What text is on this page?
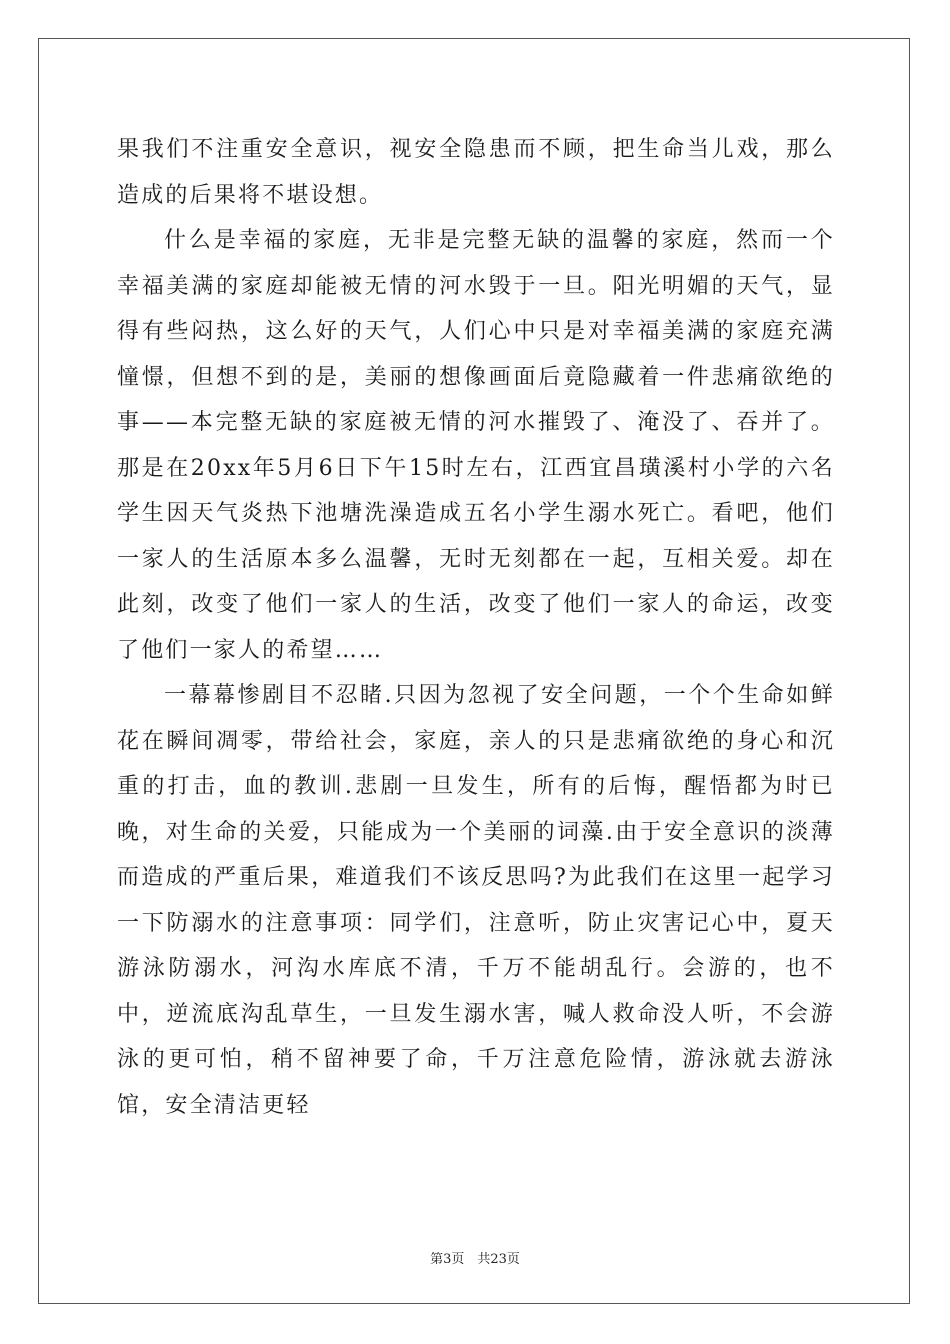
果我们不注重安全意识，视安全隐患而不顾，把生命当儿戏，那么造成的后果将不堪设想。

什么是幸福的家庭，无非是完整无缺的温馨的家庭，然而一个幸福美满的家庭却能被无情的河水毁于一旦。阳光明媚的天气，显得有些闷热，这么好的天气，人们心中只是对幸福美满的家庭充满憧憬，但想不到的是，美丽的想像画面后竟隐藏着一件悲痛欲绝的事——本完整无缺的家庭被无情的河水摧毁了、淹没了、吞并了。那是在20xx年5月6日下午15时左右，江西宜昌璜溪村小学的六名学生因天气炎热下池塘洗澡造成五名小学生溺水死亡。看吧，他们一家人的生活原本多么温馨，无时无刻都在一起，互相关爱。却在此刻，改变了他们一家人的生活，改变了他们一家人的命运，改变了他们一家人的希望……

一幕幕惨剧目不忍睹.只因为忽视了安全问题，一个个生命如鲜花在瞬间凋零，带给社会，家庭，亲人的只是悲痛欲绝的身心和沉重的打击，血的教训.悲剧一旦发生，所有的后悔，醒悟都为时已晚，对生命的关爱，只能成为一个美丽的词藻.由于安全意识的淡薄而造成的严重后果，难道我们不该反思吗?为此我们在这里一起学习一下防溺水的注意事项：同学们，注意听，防止灾害记心中，夏天游泳防溺水，河沟水库底不清，千万不能胡乱行。会游的，也不中，逆流底沟乱草生，一旦发生溺水害，喊人救命没人听，不会游泳的更可怕，稍不留神要了命，千万注意危险情，游泳就去游泳馆，安全清洁更轻

第3页　共23页
